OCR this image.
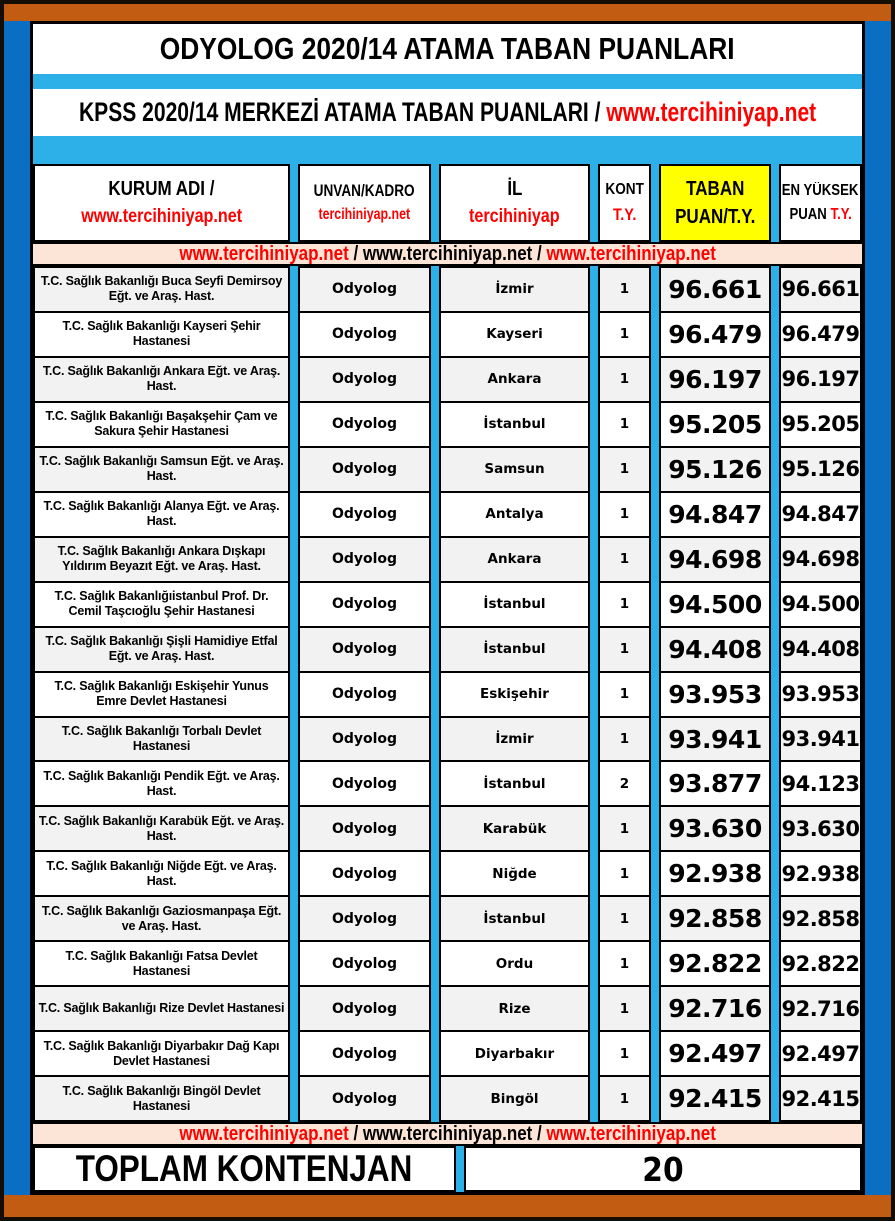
ODYOLOG 2020/14 ATAMA TABAN PUANLARI
KPSS 2020/14 MERKEZİ ATAMA TABAN PUANLARI / www.tercihiniyap.net
KURUM ADI /
www.tercihiniyap.net
UNVAN/KADRO
tercihiniyap.net
İL
tercihiniyap
KONT
T.Y.
TABAN
PUAN/T.Y.
EN YÜKSEK
PUAN T.Y.
www.tercihiniyap.net / www.tercihiniyap.net / www.tercihiniyap.net
T.C. Sağlık Bakanlığı Buca Seyfi Demirsoy Eğt. ve Araş. Hast.
T.C. Sağlık Bakanlığı Kayseri Şehir Hastanesi
T.C. Sağlık Bakanlığı Ankara Eğt. ve Araş. Hast.
T.C. Sağlık Bakanlığı Başakşehir Çam ve Sakura Şehir Hastanesi
T.C. Sağlık Bakanlığı Samsun Eğt. ve Araş. Hast.
T.C. Sağlık Bakanlığı Alanya Eğt. ve Araş. Hast.
T.C. Sağlık Bakanlığı Ankara Dışkapı Yıldırım Beyazıt Eğt. ve Araş. Hast.
T.C. Sağlık Bakanlığıistanbul Prof. Dr. Cemil Taşcıoğlu Şehir Hastanesi
T.C. Sağlık Bakanlığı Şişli Hamidiye Etfal Eğt. ve Araş. Hast.
T.C. Sağlık Bakanlığı Eskişehir Yunus Emre Devlet Hastanesi
T.C. Sağlık Bakanlığı Torbalı Devlet Hastanesi
T.C. Sağlık Bakanlığı Pendik Eğt. ve Araş. Hast.
T.C. Sağlık Bakanlığı Karabük Eğt. ve Araş. Hast.
T.C. Sağlık Bakanlığı Niğde Eğt. ve Araş. Hast.
T.C. Sağlık Bakanlığı Gaziosmanpaşa Eğt. ve Araş. Hast.
T.C. Sağlık Bakanlığı Fatsa Devlet Hastanesi
T.C. Sağlık Bakanlığı Rize Devlet Hastanesi
T.C. Sağlık Bakanlığı Diyarbakır Dağ Kapı Devlet Hastanesi
T.C. Sağlık Bakanlığı Bingöl Devlet Hastanesi
Odyolog
Odyolog
Odyolog
Odyolog
Odyolog
Odyolog
Odyolog
Odyolog
Odyolog
Odyolog
Odyolog
Odyolog
Odyolog
Odyolog
Odyolog
Odyolog
Odyolog
Odyolog
Odyolog
İzmir
Kayseri
Ankara
İstanbul
Samsun
Antalya
Ankara
İstanbul
İstanbul
Eskişehir
İzmir
İstanbul
Karabük
Niğde
İstanbul
Ordu
Rize
Diyarbakır
Bingöl
1
1
1
1
1
1
1
1
1
1
1
2
1
1
1
1
1
1
1
96.661
96.479
96.197
95.205
95.126
94.847
94.698
94.500
94.408
93.953
93.941
93.877
93.630
92.938
92.858
92.822
92.716
92.497
92.415
96.661
96.479
96.197
95.205
95.126
94.847
94.698
94.500
94.408
93.953
93.941
94.123
93.630
92.938
92.858
92.822
92.716
92.497
92.415
www.tercihiniyap.net / www.tercihiniyap.net / www.tercihiniyap.net
TOPLAM KONTENJAN	20
